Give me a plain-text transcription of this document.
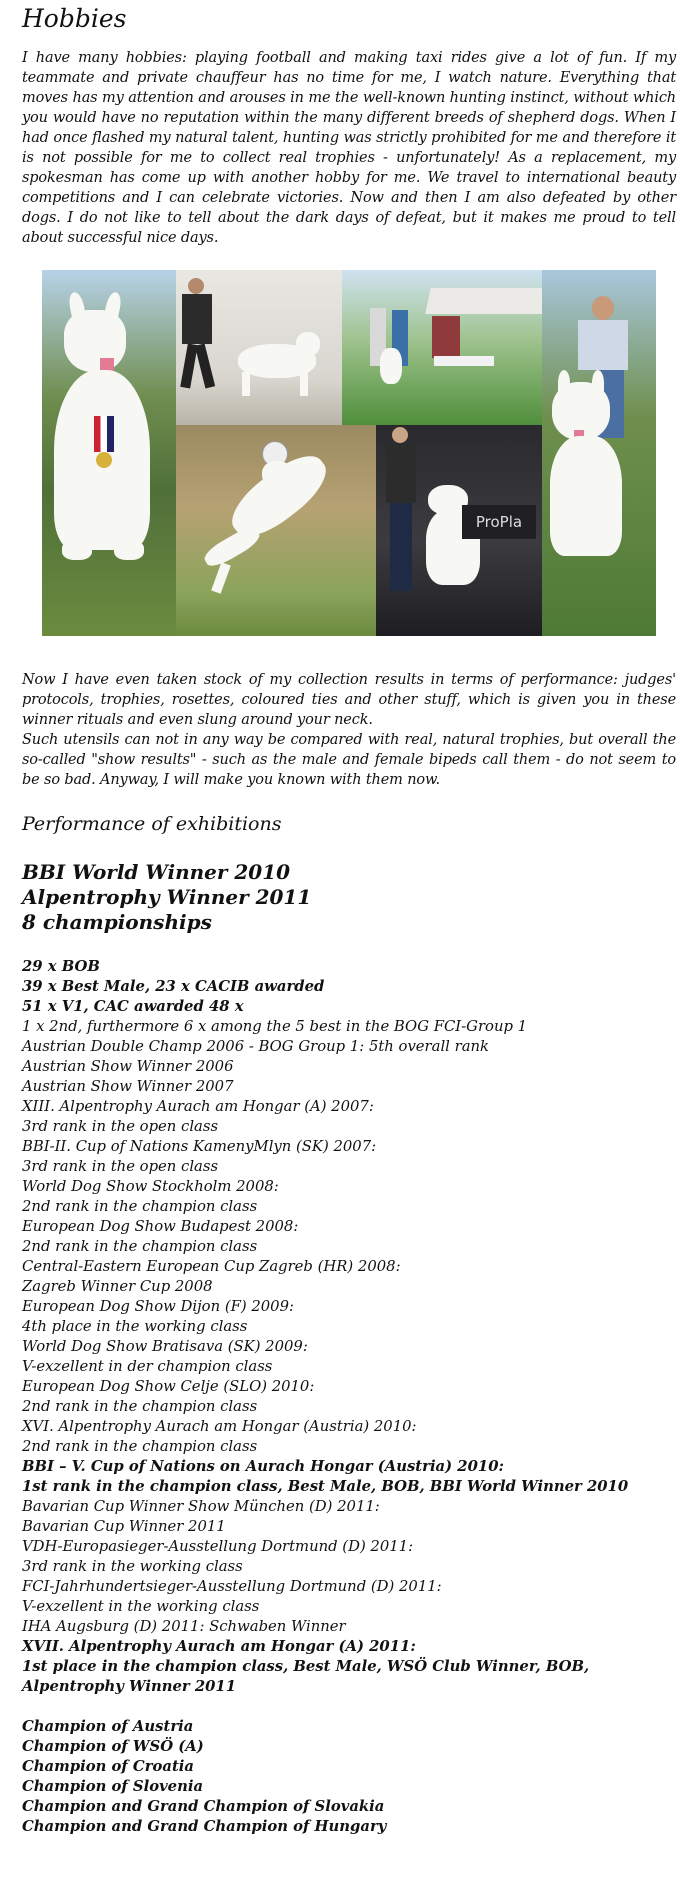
Hobbies

I have many hobbies: playing football and making taxi rides give a lot of fun. If my teammate and private chauffeur has no time for me, I watch nature. Everything that moves has my attention and arouses in me the well-known hunting instinct, without which you would have no reputation within the many different breeds of shepherd dogs. When I had once flashed my natural talent, hunting was strictly prohibited for me and therefore it is not possible for me to collect real trophies - unfortunately! As a replacement, my spokesman has come up with another hobby for me. We travel to international beauty competitions and I can celebrate victories. Now and then I am also defeated by other dogs. I do not like to tell about the dark days of defeat, but it makes me proud to tell about successful nice days.

ProPla

Now I have even taken stock of my collection results in terms of performance: judges' protocols, trophies, rosettes, coloured ties and other stuff, which is given you in these winner rituals and even slung around your neck.

Such utensils can not in any way be compared with real, natural trophies, but overall the so-called "show results" - such as the male and female bipeds call them - do not seem to be so bad. Anyway, I will make you known with them now.

Performance of exhibitions
BBI World Winner 2010
Alpentrophy Winner 2011
8 championships
29 x BOB
39 x Best Male, 23 x CACIB awarded
51 x V1, CAC awarded 48 x
1 x 2nd, furthermore 6 x among the 5 best in the BOG FCI-Group 1
Austrian Double Champ 2006 - BOG Group 1: 5th overall rank
Austrian Show Winner 2006
Austrian Show Winner 2007
XIII. Alpentrophy Aurach am Hongar (A) 2007:
3rd rank in the open class
BBI-II. Cup of Nations KamenyMlyn (SK) 2007:
3rd rank in the open class
World Dog Show Stockholm 2008:
2nd rank in the champion class
European Dog Show Budapest 2008:
2nd rank in the champion class
Central-Eastern European Cup Zagreb (HR) 2008:
Zagreb Winner Cup 2008
European Dog Show Dijon (F) 2009:
4th place in the working class
World Dog Show Bratisava (SK) 2009:
V-exzellent in der champion class
European Dog Show Celje (SLO) 2010:
2nd rank in the champion class
XVI. Alpentrophy Aurach am Hongar (Austria) 2010:
2nd rank in the champion class
BBI – V. Cup of Nations on Aurach Hongar (Austria) 2010:
1st rank in the champion class, Best Male, BOB, BBI World Winner 2010
Bavarian Cup Winner Show München (D) 2011:
Bavarian Cup Winner 2011
VDH-Europasieger-Ausstellung Dortmund (D) 2011:
3rd rank in the working class
FCI-Jahrhundertsieger-Ausstellung Dortmund (D) 2011:
V-exzellent in the working class
IHA Augsburg (D) 2011: Schwaben Winner
XVII. Alpentrophy Aurach am Hongar (A) 2011:
1st place in the champion class, Best Male, WSÖ Club Winner, BOB,
Alpentrophy Winner 2011
Champion of Austria
Champion of WSÖ (A)
Champion of Croatia
Champion of Slovenia
Champion and Grand Champion of Slovakia
Champion and Grand Champion of Hungary
